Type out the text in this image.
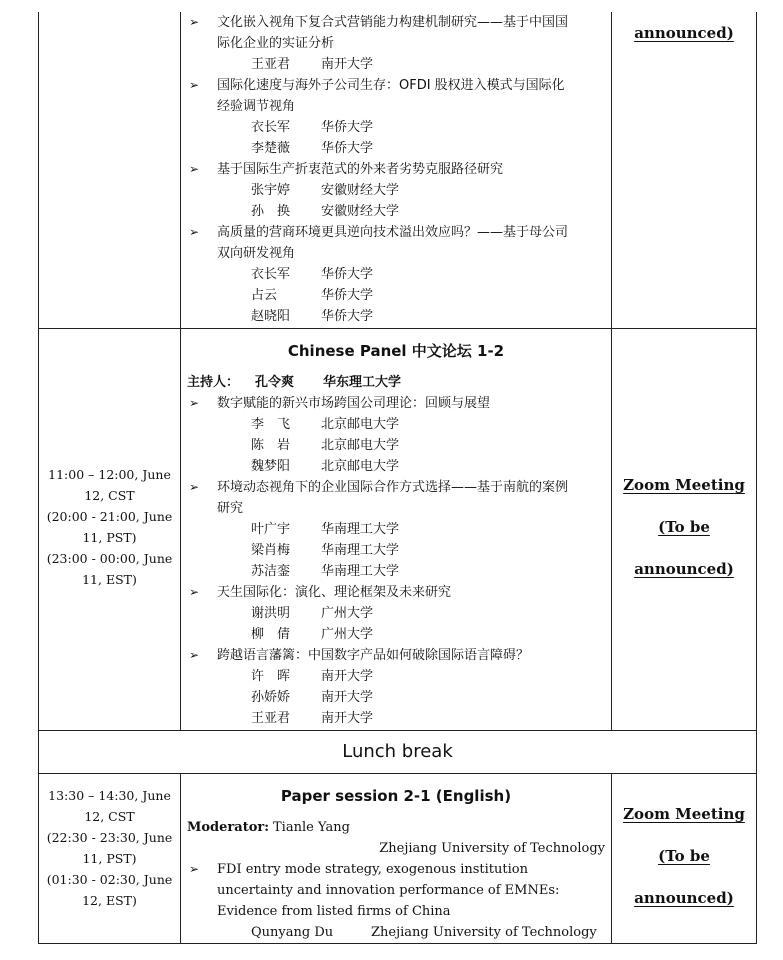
➢ 文化嵌入视角下复合式营销能力构建机制研究——基于中国国
际化企业的实证分析
王亚君 南开大学
➢ 国际化速度与海外子公司生存：OFDI 股权进入模式与国际化
经验调节视角
衣长军 华侨大学
李楚薇 华侨大学
➢ 基于国际生产折衷范式的外来者劣势克服路径研究
张宇婷 安徽财经大学
孙　换 安徽财经大学
➢ 高质量的营商环境更具逆向技术溢出效应吗？——基于母公司
双向研发视角
衣长军 华侨大学
占云	华侨大学
赵晓阳 华侨大学
announced)
11:00 – 12:00, June
12, CST
(20:00 - 21:00, June
11, PST)
(23:00 - 00:00, June
11, EST)
Chinese Panel 中文论坛 1-2
主持人： 孔令爽 华东理工大学
➢ 数字赋能的新兴市场跨国公司理论：回顾与展望
李　飞 北京邮电大学
陈　岩 北京邮电大学
魏梦阳 北京邮电大学
➢ 环境动态视角下的企业国际合作方式选择——基于南航的案例
研究
叶广宇 华南理工大学
梁肖梅 华南理工大学
苏洁銮 华南理工大学
➢ 天生国际化：演化、理论框架及未来研究
谢洪明 广州大学
柳　倩 广州大学
➢ 跨越语言藩篱：中国数字产品如何破除国际语言障碍？
许　晖 南开大学
孙娇娇 南开大学
王亚君 南开大学
Zoom Meeting
(To be
announced)
Lunch break
13:30 – 14:30, June
12, CST
(22:30 - 23:30, June
11, PST)
(01:30 - 02:30, June
12, EST)
Paper session 2-1 (English)
Moderator: Tianle Yang
Zhejiang University of Technology
➢ FDI entry mode strategy, exogenous institution
uncertainty and innovation performance of EMNEs:
Evidence from listed firms of China
Qunyang Du	Zhejiang University of Technology
Zoom Meeting
(To be
announced)
